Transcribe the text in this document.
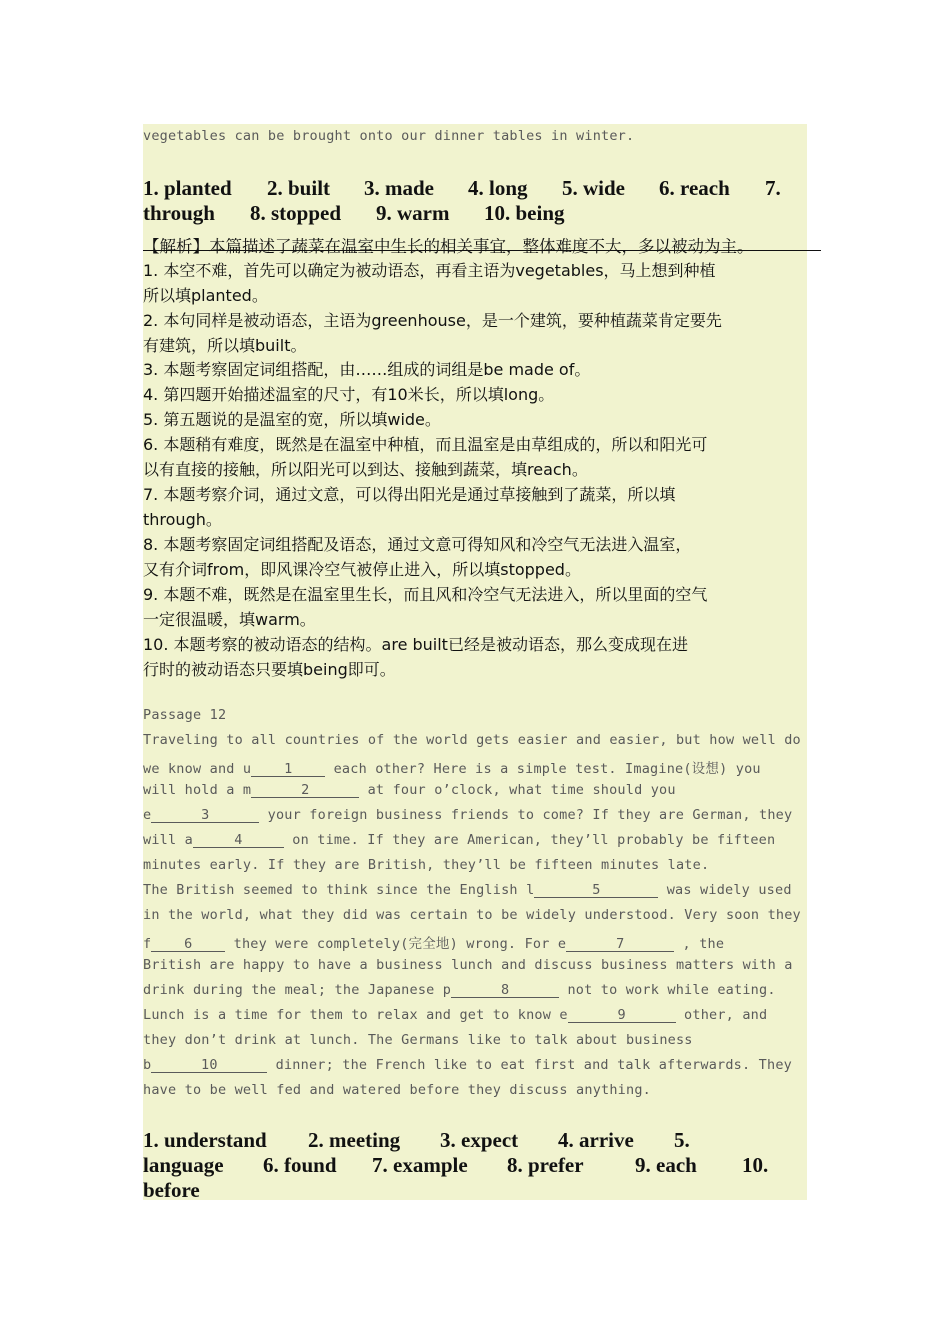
vegetables can be brought onto our dinner tables in winter.
1. planted 2. built 3. made 4. long 5. wide 6. reach 7.
through 8. stopped 9. warm 10. being
【解析】本篇描述了蔬菜在温室中生长的相关事宜，整体难度不大，多以被动为主。
1. 本空不难，首先可以确定为被动语态，再看主语为vegetables，马上想到种植
所以填planted。
2. 本句同样是被动语态，主语为greenhouse，是一个建筑，要种植蔬菜肯定要先
有建筑，所以填built。
3. 本题考察固定词组搭配，由……组成的词组是be made of。
4. 第四题开始描述温室的尺寸，有10米长，所以填long。
5. 第五题说的是温室的宽，所以填wide。
6. 本题稍有难度，既然是在温室中种植，而且温室是由草组成的，所以和阳光可
以有直接的接触，所以阳光可以到达、接触到蔬菜，填reach。
7. 本题考察介词，通过文意，可以得出阳光是通过草接触到了蔬菜，所以填
through。
8. 本题考察固定词组搭配及语态，通过文意可得知风和冷空气无法进入温室，
又有介词from，即风课冷空气被停止进入，所以填stopped。
9. 本题不难，既然是在温室里生长，而且风和冷空气无法进入，所以里面的空气
一定很温暖，填warm。
10. 本题考察的被动语态的结构。are built已经是被动语态，那么变成现在进
行时的被动语态只要填being即可。
Passage 12
Traveling to all countries of the world gets easier and easier, but how well do
we know and u 1 each other? Here is a simple test. Imagine(设想) you
will hold a m	2	at four o’clock, what time should you
e	3	your foreign business friends to come? If they are German, they
will a	4	on time. If they are American, they’ll probably be fifteen
minutes early. If they are British, they’ll be fifteen minutes late.
The British seemed to think since the English l	5	was widely used
in the world, what they did was certain to be widely understood. Very soon they
f 6 they were completely(完全地) wrong. For e	7	, the
British are happy to have a business lunch and discuss business matters with a
drink during the meal; the Japanese p	8	not to work while eating.
Lunch is a time for them to relax and get to know e	9	other, and
they don’t drink at lunch. The Germans like to talk about business
b	10	dinner; the French like to eat first and talk afterwards. They
have to be well fed and watered before they discuss anything.
1. understand 2. meeting 3. expect 4. arrive 5.
language 6. found 7. example 8. prefer 9. each 10.
before
